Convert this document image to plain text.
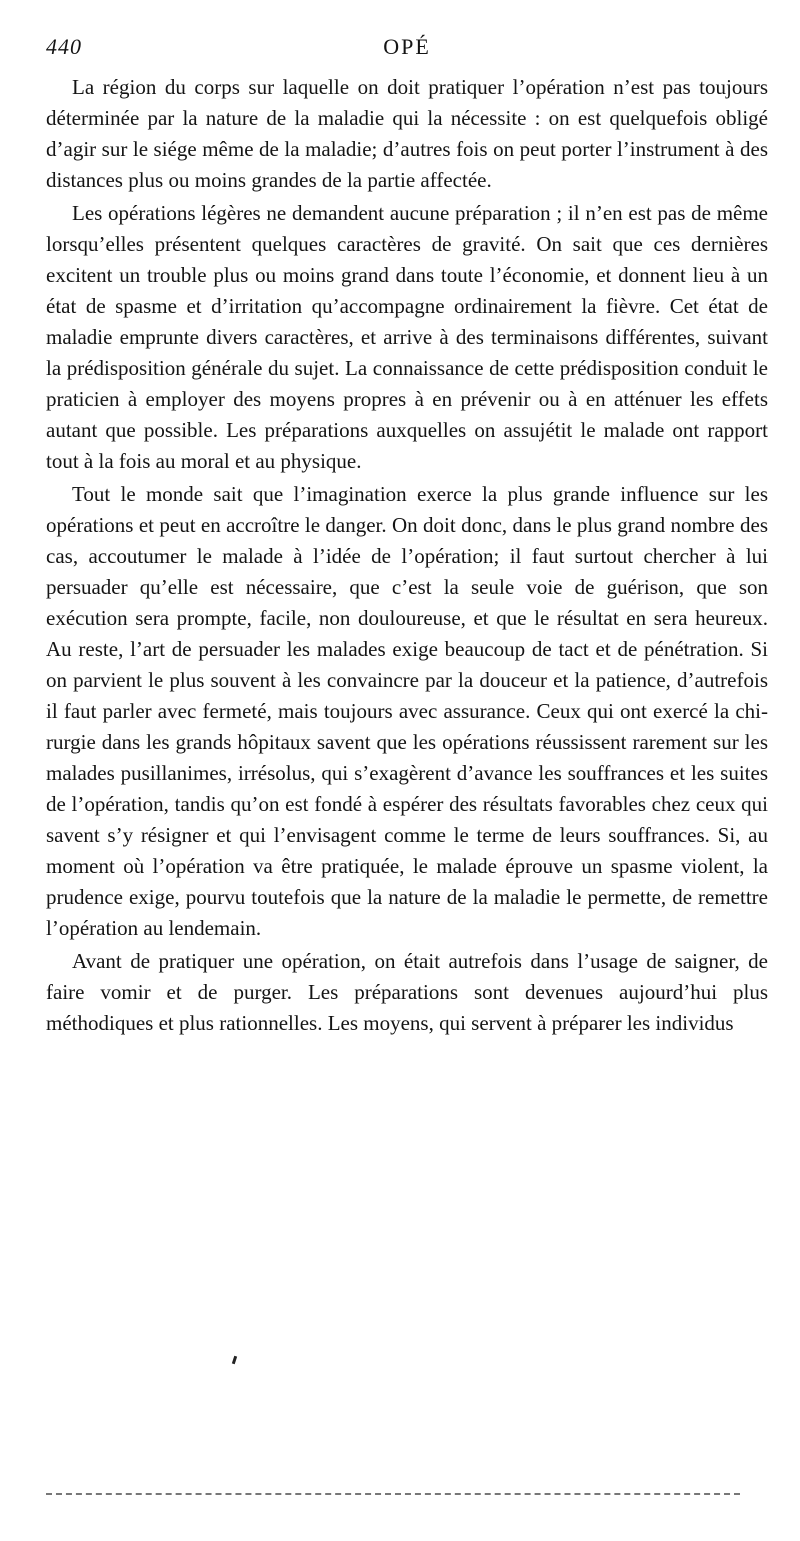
440	OPÉ

La région du corps sur laquelle on doit pratiquer l’opération n’est pas toujours déterminée par la nature de la maladie qui la nécessite : on est quelquefois obligé d’agir sur le siége même de la maladie; d’autres fois on peut porter l’instrument à des distances plus ou moins grandes de la partie affectée.

Les opérations légères ne demandent aucune préparation ; il n’en est pas de même lorsqu’elles présentent quelques caractères de gravité. On sait que ces dernières excitent un trouble plus ou moins grand dans toute l’économie, et donnent lieu à un état de spasme et d’irritation qu’accompagne ordinairement la fièvre. Cet état de maladie emprunte divers caractères, et arrive à des terminaisons différentes, suivant la prédisposition générale du sujet. La connaissance de cette prédisposition conduit le praticien à employer des moyens propres à en prévenir ou à en atténuer les effets autant que possible. Les préparations auxquelles on assujétit le malade ont rapport tout à la fois au moral et au physique.

Tout le monde sait que l’imagination exerce la plus grande influence sur les opérations et peut en accroître le danger. On doit donc, dans le plus grand nombre des cas, accoutumer le malade à l’idée de l’opération; il faut surtout chercher à lui persuader qu’elle est nécessaire, que c’est la seule voie de guérison, que son exécution sera prompte, facile, non douloureuse, et que le résultat en sera heureux. Au reste, l’art de persuader les malades exige beaucoup de tact et de pénétration. Si on parvient le plus souvent à les convaincre par la douceur et la patience, d’autrefois il faut parler avec fermeté, mais toujours avec assurance. Ceux qui ont exercé la chirurgie dans les grands hôpitaux savent que les opérations réussissent rarement sur les malades pusillanimes, irrésolus, qui s’exagèrent d’avance les souffrances et les suites de l’opération, tandis qu’on est fondé à espérer des résultats favorables chez ceux qui savent s’y résigner et qui l’envisagent comme le terme de leurs souffrances. Si, au moment où l’opération va être pratiquée, le malade éprouve un spasme violent, la prudence exige, pourvu toutefois que la nature de la maladie le permette, de remettre l’opération au lendemain.

Avant de pratiquer une opération, on était autrefois dans l’usage de saigner, de faire vomir et de purger. Les préparations sont devenues aujourd’hui plus méthodiques et plus rationnelles. Les moyens, qui servent à préparer les individus
